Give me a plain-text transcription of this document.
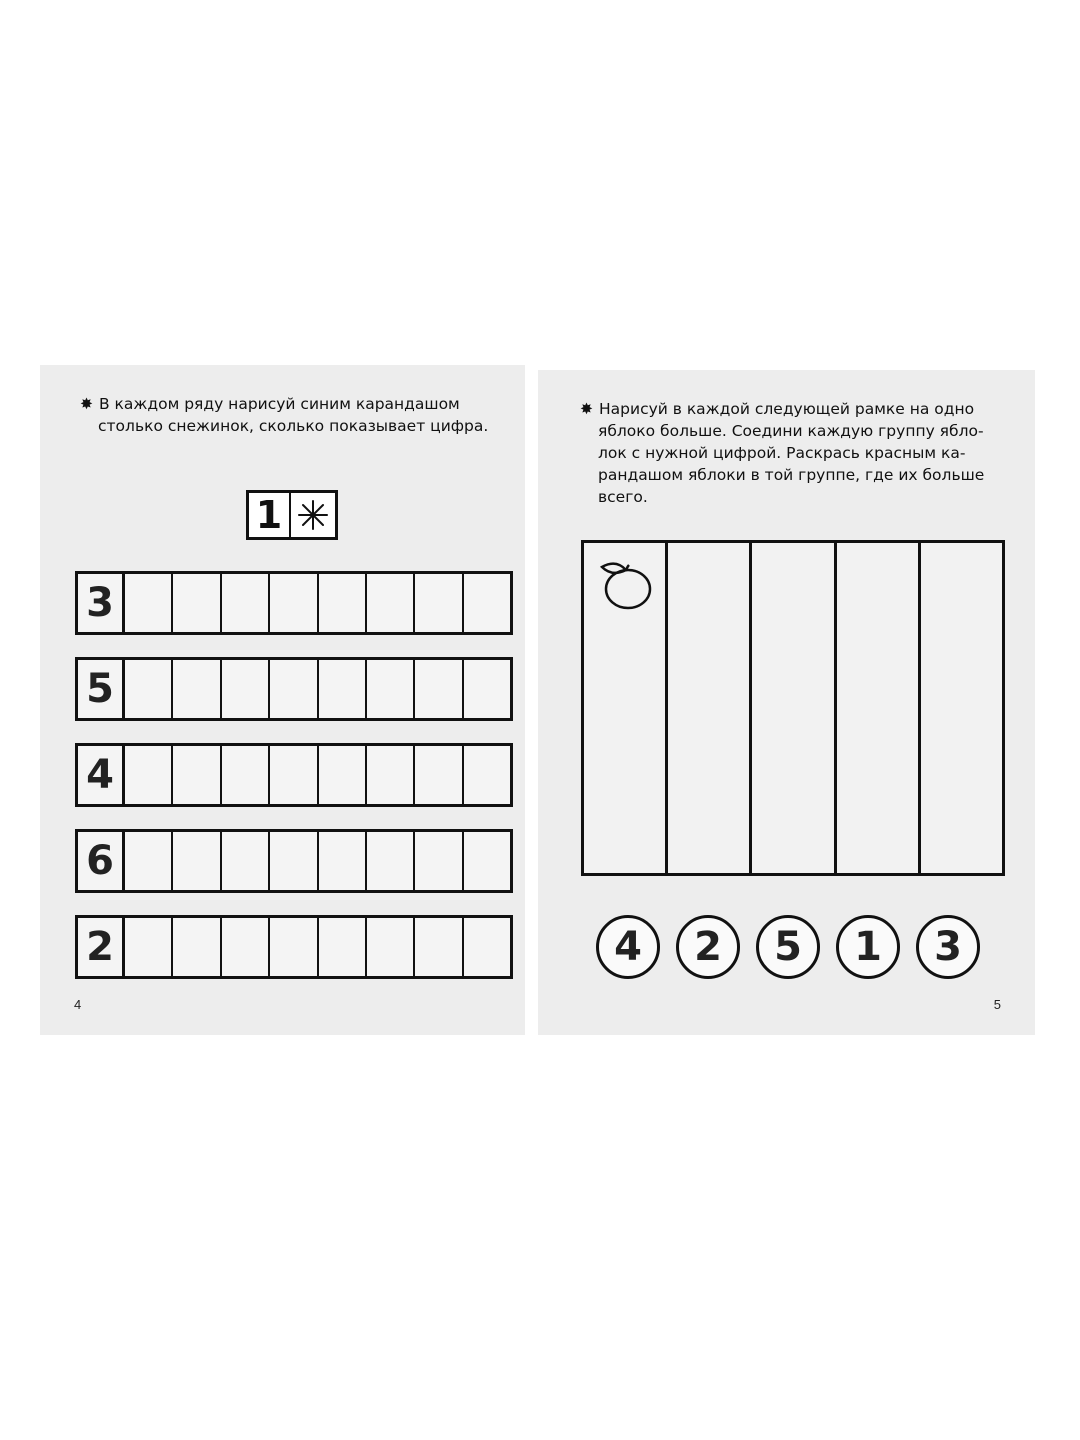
✸ В каждом ряду нарисуй синим карандашом
столько снежинок, сколько показывает цифра.

1
3
5
4
6
2
4

✸ Нарисуй в каждой следующей рамке на одно
яблоко больше. Соедини каждую группу ябло-
лок с нужной цифрой. Раскрась красным ка-
рандашом яблоки в той группе, где их больше
всего.

4	2	5	1	3
5
